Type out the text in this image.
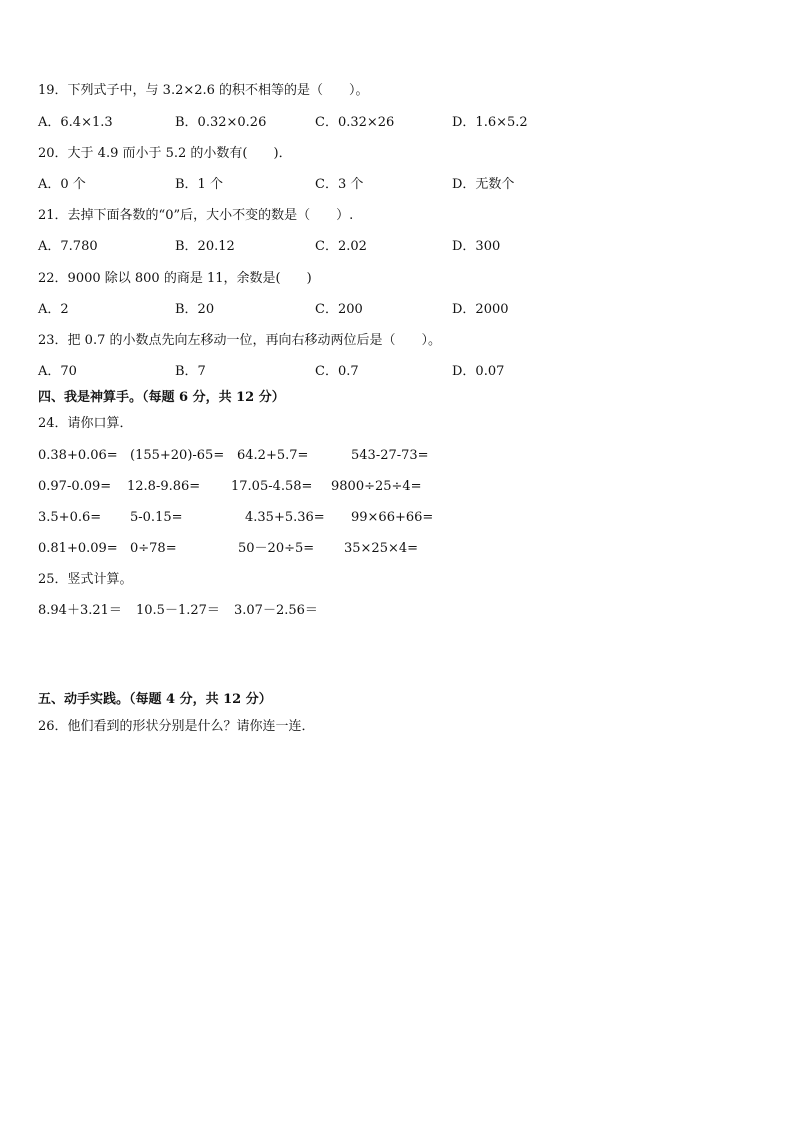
19．下列式子中，与 3.2×2.6 的积不相等的是（　　）。
A．6.4×1.3	B．0.32×0.26	C．0.32×26	D．1.6×5.2
20．大于 4.9 而小于 5.2 的小数有(　　)．
A．0 个	B．1 个	C．3 个	D．无数个
21．去掉下面各数的“0”后，大小不变的数是（　　）.
A．7.780	B．20.12	C．2.02	D．300
22．9000 除以 800 的商是 11，余数是(　　)
A．2	B．20	C．200	D．2000
23．把 0.7 的小数点先向左移动一位，再向右移动两位后是（　　）。
A．70	B．7	C．0.7	D．0.07
四、我是神算手。（每题 6 分，共 12 分）
24．请你口算．
0.38+0.06= (155+20)-65= 64.2+5.7=	543-27-73=
0.97-0.09= 12.8-9.86= 17.05-4.58= 9800÷25÷4=
3.5+0.6= 5-0.15=	4.35+5.36= 99×66+66=
0.81+0.09= 0÷78=	50－20÷5= 35×25×4=
25．竖式计算。
8.94＋3.21＝ 10.5－1.27＝ 3.07－2.56＝
五、动手实践。（每题 4 分，共 12 分）
26．他们看到的形状分别是什么？请你连一连．
